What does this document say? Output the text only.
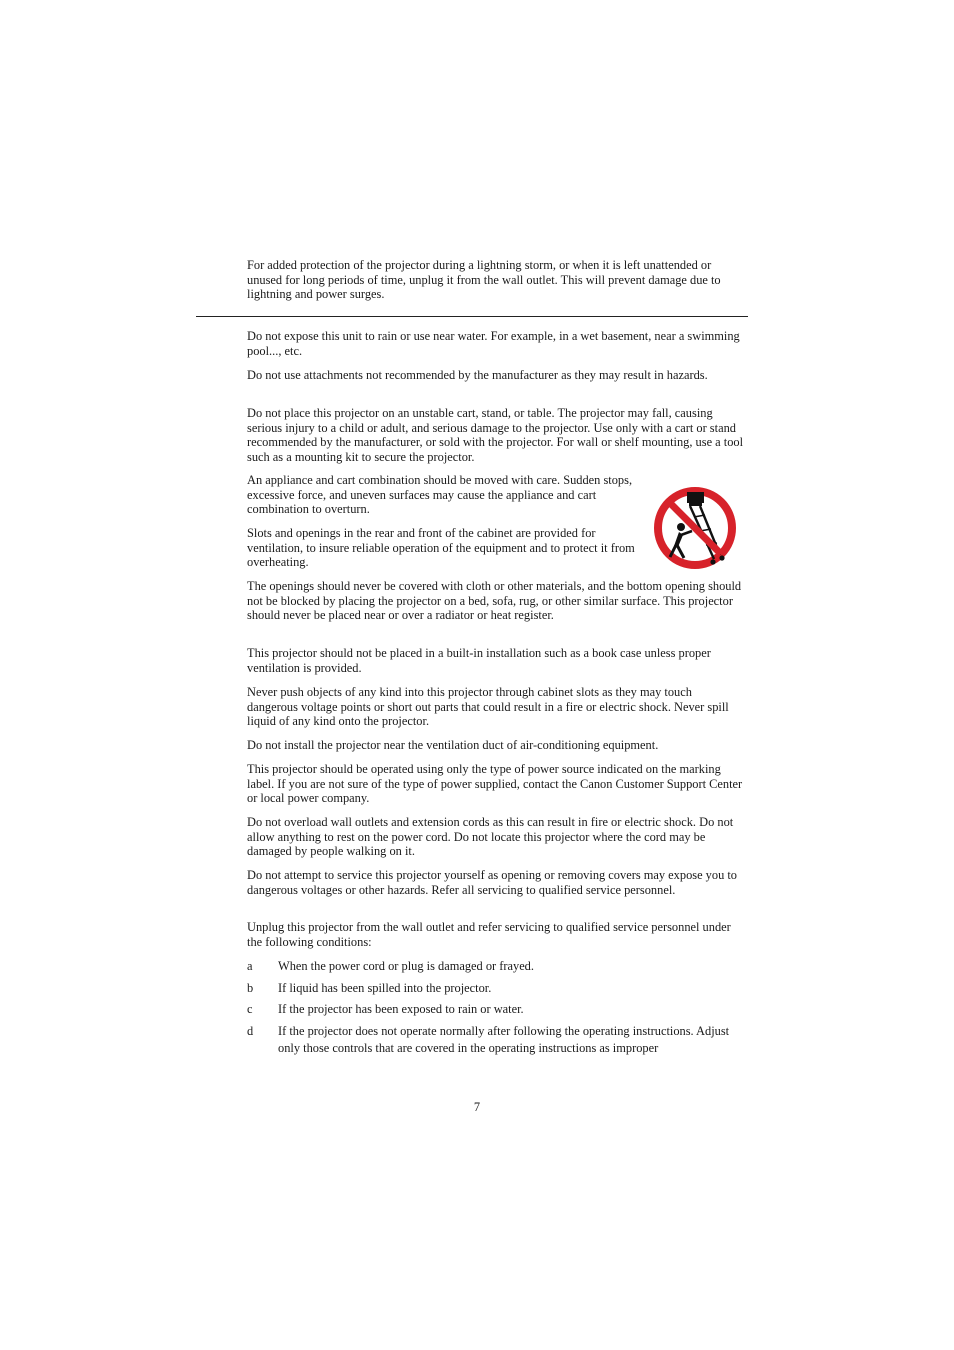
For added protection of the projector during a lightning storm, or when it is left unattended or unused for long periods of time, unplug it from the wall outlet. This will prevent damage due to lightning and power surges.

Do not expose this unit to rain or use near water. For example, in a wet basement, near a swimming pool..., etc.

Do not use attachments not recommended by the manufacturer as they may result in hazards.

Do not place this projector on an unstable cart, stand, or table. The projector may fall, causing serious injury to a child or adult, and serious damage to the projector. Use only with a cart or stand recommended by the manufacturer, or sold with the projector. For wall or shelf mounting, use a tool such as a mounting kit to secure the projector.

An appliance and cart combination should be moved with care. Sudden stops, excessive force, and uneven surfaces may cause the appliance and cart combination to overturn.

Slots and openings in the rear and front of the cabinet are provided for ventilation, to insure reliable operation of the equipment and to protect it from overheating.

The openings should never be covered with cloth or other materials, and the bottom opening should not be blocked by placing the projector on a bed, sofa, rug, or other similar surface. This projector should never be placed near or over a radiator or heat register.

This projector should not be placed in a built-in installation such as a book case unless proper ventilation is provided.

Never push objects of any kind into this projector through cabinet slots as they may touch dangerous voltage points or short out parts that could result in a fire or electric shock. Never spill liquid of any kind onto the projector.

Do not install the projector near the ventilation duct of air-conditioning equipment.

This projector should be operated using only the type of power source indicated on the marking label. If you are not sure of the type of power supplied, contact the Canon Customer Support Center or local power company.

Do not overload wall outlets and extension cords as this can result in fire or electric shock. Do not allow anything to rest on the power cord. Do not locate this projector where the cord may be damaged by people walking on it.

Do not attempt to service this projector yourself as opening or removing covers may expose you to dangerous voltages or other hazards. Refer all servicing to qualified service personnel.

Unplug this projector from the wall outlet and refer servicing to qualified service personnel under the following conditions:

a	When the power cord or plug is damaged or frayed.
b	If liquid has been spilled into the projector.
c	If the projector has been exposed to rain or water.
d	If the projector does not operate normally after following the operating instructions. Adjust only those controls that are covered in the operating instructions as improper

7
